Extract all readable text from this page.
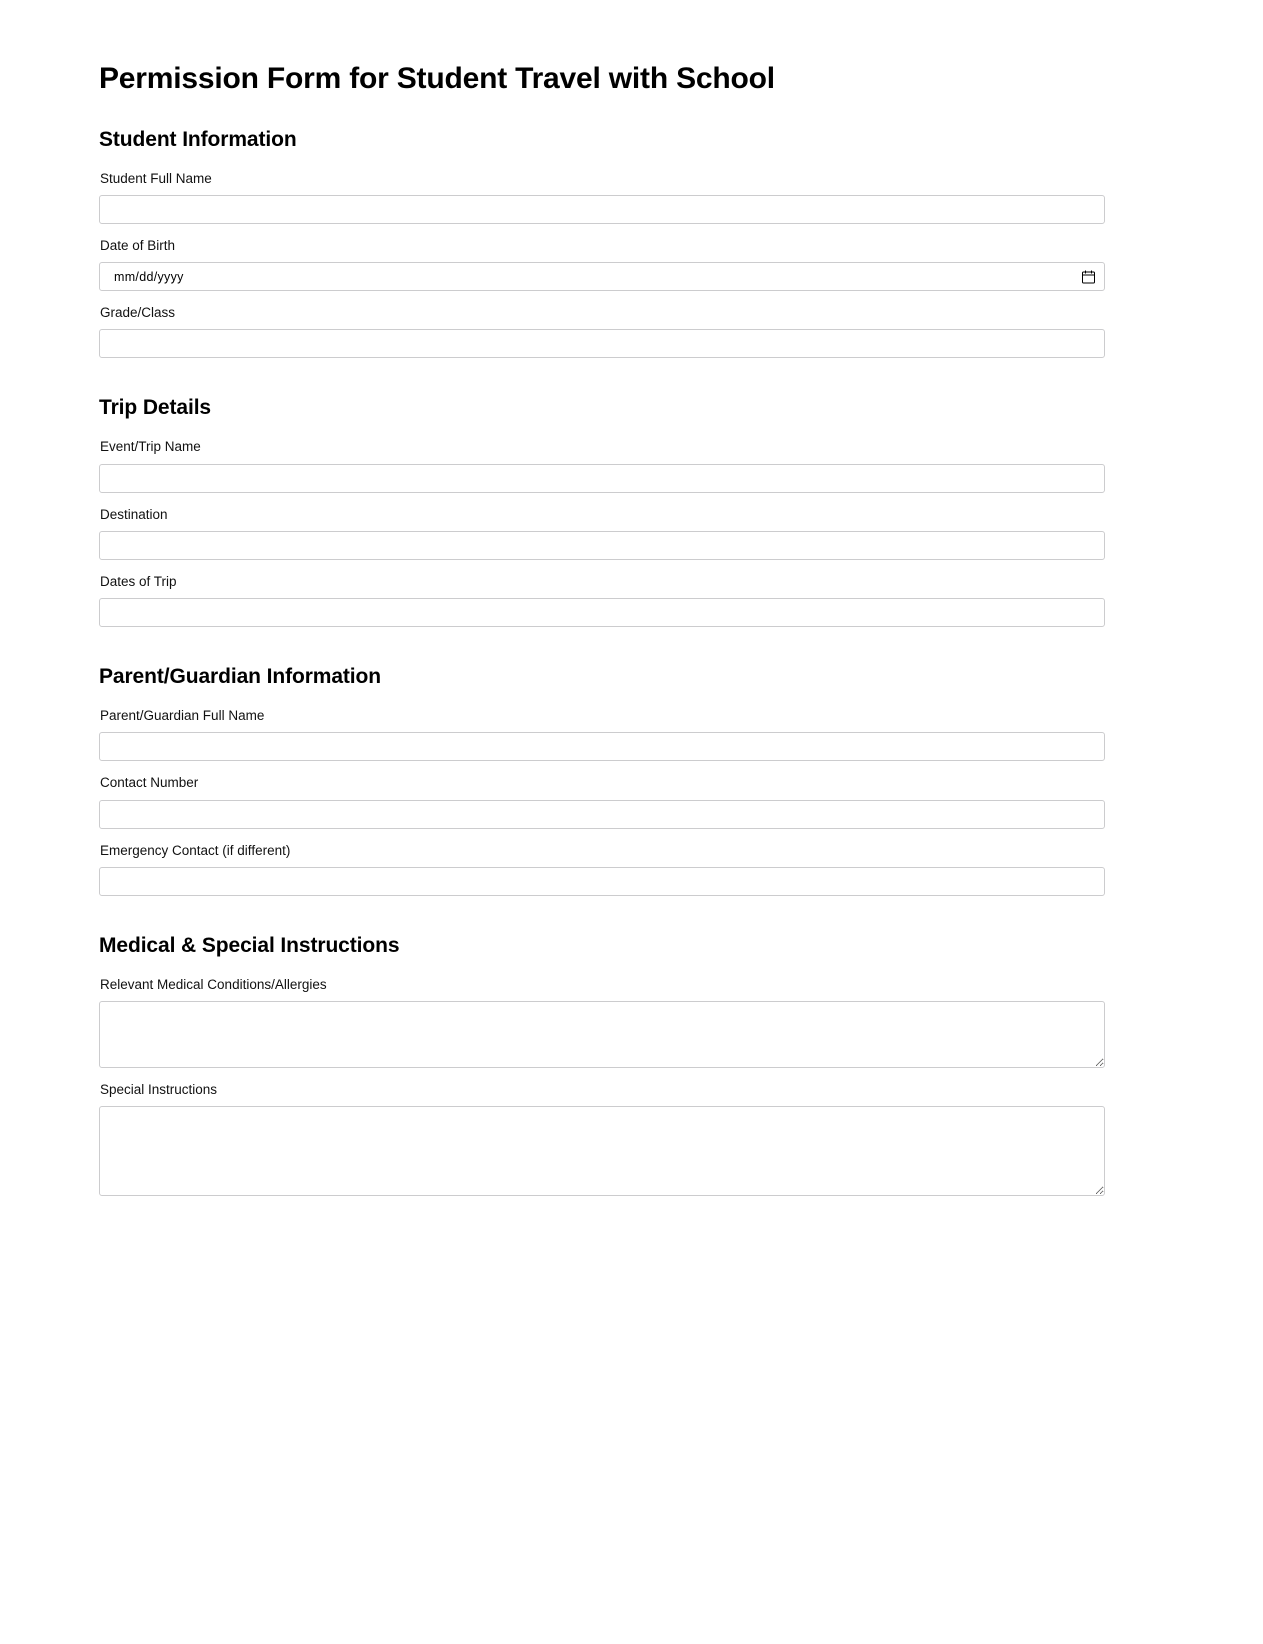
Permission Form for Student Travel with School
Student Information
Student Full Name
Date of Birth
mm/dd/yyyy
Grade/Class
Trip Details
Event/Trip Name
Destination
Dates of Trip
Parent/Guardian Information
Parent/Guardian Full Name
Contact Number
Emergency Contact (if different)
Medical & Special Instructions
Relevant Medical Conditions/Allergies
Special Instructions
